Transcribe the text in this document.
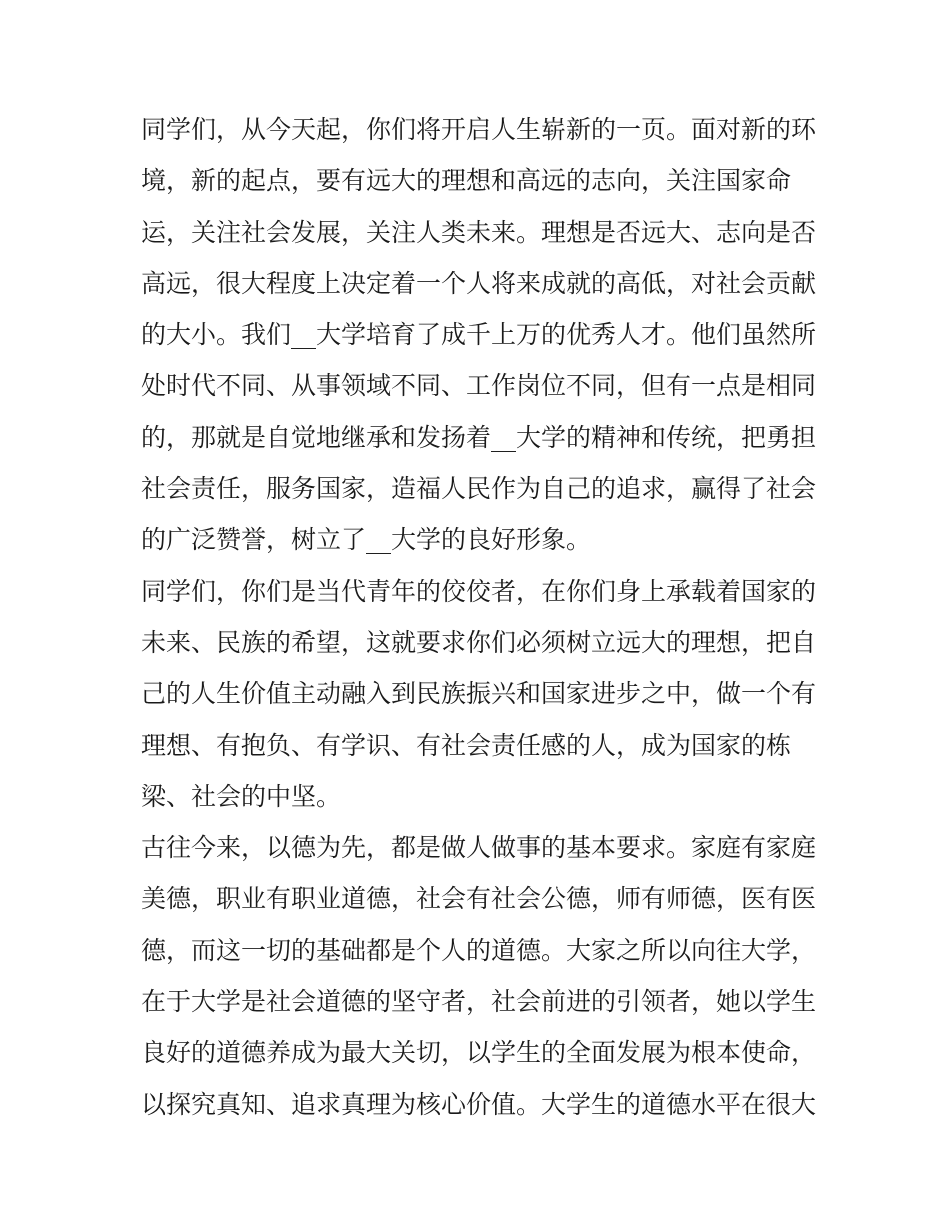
同学们，从今天起，你们将开启人生崭新的一页。面对新的环
境，新的起点，要有远大的理想和高远的志向，关注国家命
运，关注社会发展，关注人类未来。理想是否远大、志向是否
高远，很大程度上决定着一个人将来成就的高低，对社会贡献
的大小。我们__大学培育了成千上万的优秀人才。他们虽然所
处时代不同、从事领域不同、工作岗位不同，但有一点是相同
的，那就是自觉地继承和发扬着__大学的精神和传统，把勇担
社会责任，服务国家，造福人民作为自己的追求，赢得了社会
的广泛赞誉，树立了__大学的良好形象。
同学们，你们是当代青年的佼佼者，在你们身上承载着国家的
未来、民族的希望，这就要求你们必须树立远大的理想，把自
己的人生价值主动融入到民族振兴和国家进步之中，做一个有
理想、有抱负、有学识、有社会责任感的人，成为国家的栋
梁、社会的中坚。
古往今来，以德为先，都是做人做事的基本要求。家庭有家庭
美德，职业有职业道德，社会有社会公德，师有师德，医有医
德，而这一切的基础都是个人的道德。大家之所以向往大学，
在于大学是社会道德的坚守者，社会前进的引领者，她以学生
良好的道德养成为最大关切，以学生的全面发展为根本使命，
以探究真知、追求真理为核心价值。大学生的道德水平在很大
